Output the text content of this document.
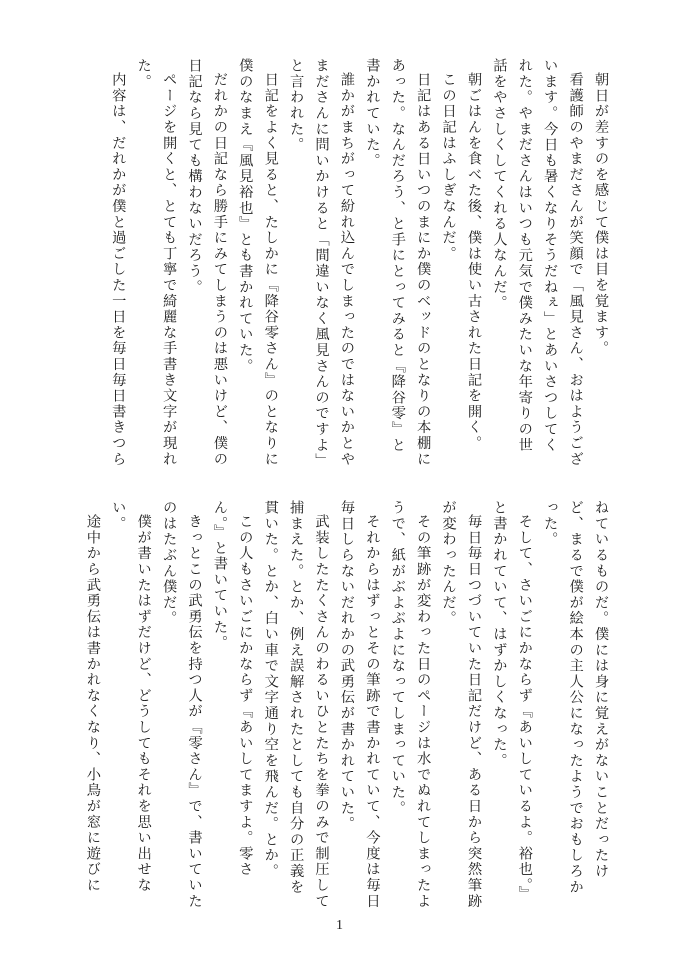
朝日が差すのを感じて僕は目を覚ます。

看護師のやまださんが笑顔で「風見さん、おはようございます。今日も暑くなりそうだねぇ」とあいさつしてくれた。やまださんはいつも元気で僕みたいな年寄りの世話をやさしくしてくれる人なんだ。

朝ごはんを食べた後、僕は使い古された日記を開く。

この日記はふしぎなんだ。

日記はある日いつのまにか僕のベッドのとなりの本棚にあった。なんだろう、と手にとってみると『降谷零』と書かれていた。

誰かがまちがって紛れ込んでしまったのではないかとやまださんに問いかけると「間違いなく風見さんのですよ」と言われた。

日記をよく見ると、たしかに『降谷零さん』のとなりに僕のなまえ『風見裕也』とも書かれていた。

だれかの日記なら勝手にみてしまうのは悪いけど、僕の日記なら見ても構わないだろう。

ページを開くと、とても丁寧で綺麗な手書き文字が現れた。

内容は、だれかが僕と過ごした一日を毎日毎日書きつら

ねているものだ。僕には身に覚えがないことだったけど、まるで僕が絵本の主人公になったようでおもしろかった。

そして、さいごにかならず『あいしているよ。裕也。』と書かれていて、はずかしくなった。

毎日毎日つづいていた日記だけど、ある日から突然筆跡が変わったんだ。

その筆跡が変わった日のページは水でぬれてしまったようで、紙がぶよぶよになってしまっていた。

それからはずっとその筆跡で書かれていて、今度は毎日毎日しらないだれかの武勇伝が書かれていた。

武装したたくさんのわるいひとたちを拳のみで制圧して捕まえた。とか、例え誤解されたとしても自分の正義を貫いた。とか、白い車で文字通り空を飛んだ。とか。

この人もさいごにかならず『あいしてますよ。零さん。』と書いていた。

きっとこの武勇伝を持つ人が『零さん』で、書いていたのはたぶん僕だ。

僕が書いたはずだけど、どうしてもそれを思い出せない。

途中から武勇伝は書かれなくなり、小鳥が窓に遊びに

1
